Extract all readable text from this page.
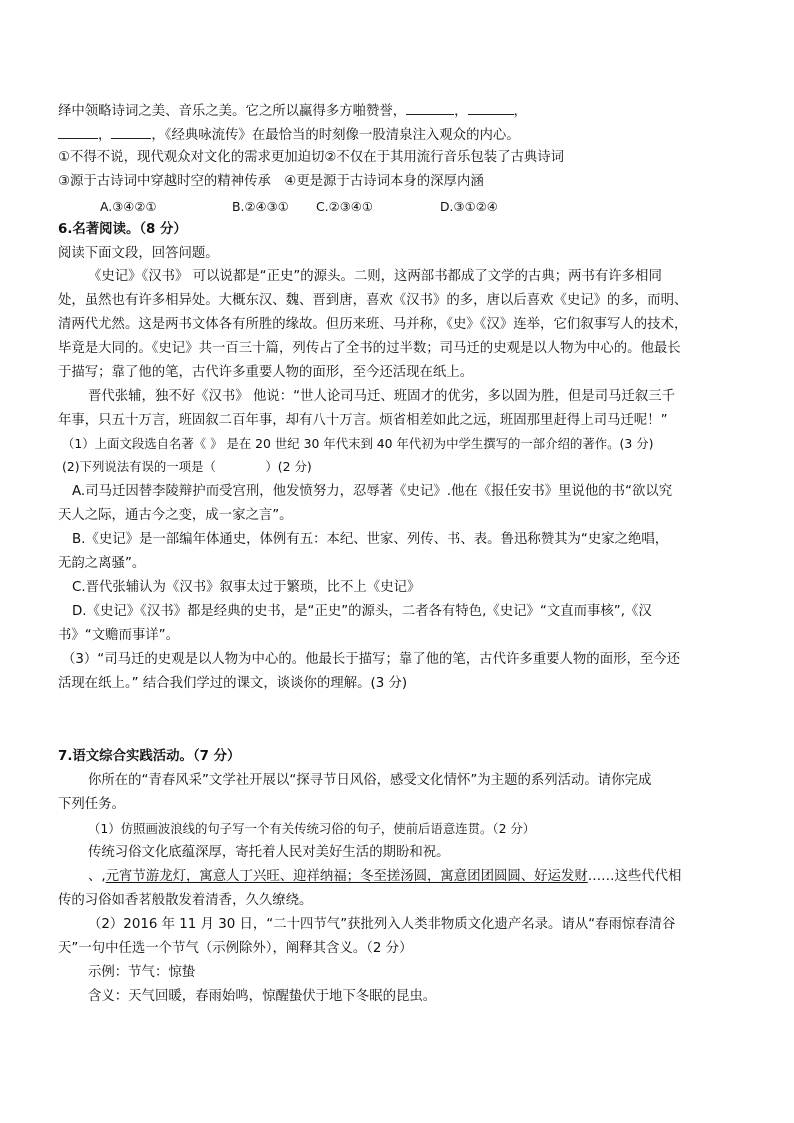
绎中领略诗词之美、音乐之美。它之所以赢得多方啪赞誉，	，	，
，	，《经典咏流传》在最恰当的时刻像一股清泉注入观众的内心。
①不得不说，现代观众对文化的需求更加迫切②不仅在于其用流行音乐包装了古典诗词
③源于古诗词中穿越时空的精神传承　④更是源于古诗词本身的深厚内涵
A.③④②①	B.②④③① C.②③④①	D.③①②④
6.名著阅读。（8 分）
阅读下面文段，回答问题。
《史记》《汉书》 可以说都是“正史”的源头。二则，这两部书都成了文学的古典；两书有许多相同
处，虽然也有许多相异处。大概东汉、魏、晋到唐，喜欢《汉书》的多，唐以后喜欢《史记》的多，而明、
清两代尤然。这是两书文体各有所胜的缘故。但历来班、马并称，《史》《汉》连举，它们叙事写人的技术，
毕竟是大同的。《史记》共一百三十篇，列传占了全书的过半数；司马迁的史观是以人物为中心的。他最长
于描写；靠了他的笔，古代许多重要人物的面形，至今还活现在纸上。
晋代张辅，独不好《汉书》 他说：“世人论司马迁、班固才的优劣，多以固为胜，但是司马迁叙三千
年事，只五十万言，班固叙二百年事，却有八十万言。烦省相差如此之远，班固那里赶得上司马迁呢！”
（1）上面文段选自名著《 》 是在 20 世纪 30 年代末到 40 年代初为中学生撰写的一部介绍的著作。(3 分)
(2)下列说法有误的一项是（　　　　）(2 分)
A.司马迁因替李陵辩护而受宫刑，他发愤努力，忍辱著《史记》.他在《报任安书》里说他的书“欲以究
天人之际，通古今之变，成一家之言”。
B.《史记》是一部编年体通史，体例有五：本纪、世家、列传、书、表。鲁迅称赞其为“史家之绝唱，
无韵之离骚”。
C.晋代张辅认为《汉书》叙事太过于繁琐，比不上《史记》
D.《史记》《汉书》都是经典的史书，是“正史”的源头，二者各有特色,《史记》“文直而事核”,《汉
书》“文赡而事详”。
（3）“司马迁的史观是以人物为中心的。他最长于描写；靠了他的笔，古代许多重要人物的面形，至今还
活现在纸上。” 结合我们学过的课文，谈谈你的理解。(3 分)
7.语文综合实践活动。（7 分）
你所在的“青春风采”文学社开展以“探寻节日风俗，感受文化情怀”为主题的系列活动。请你完成
下列任务。
（1）仿照画波浪线的句子写一个有关传统习俗的句子，使前后语意连贯。（2 分）
传统习俗文化底蕴深厚，寄托着人民对美好生活的期盼和祝。
、,元宵节游龙灯，寓意人丁兴旺、迎祥纳福；冬至搓汤圆，寓意团团圆圆、好运发财……这些代代相
传的习俗如香茗般散发着清香，久久缭绕。
（2）2016 年 11 月 30 日，“二十四节气”获批列入人类非物质文化遗产名录。请从“春雨惊春清谷
天”一句中任选一个节气（示例除外），阐释其含义。（2 分）
示例：节气：惊蛰
含义：天气回暖，春雨始鸣，惊醒蛰伏于地下冬眠的昆虫。
